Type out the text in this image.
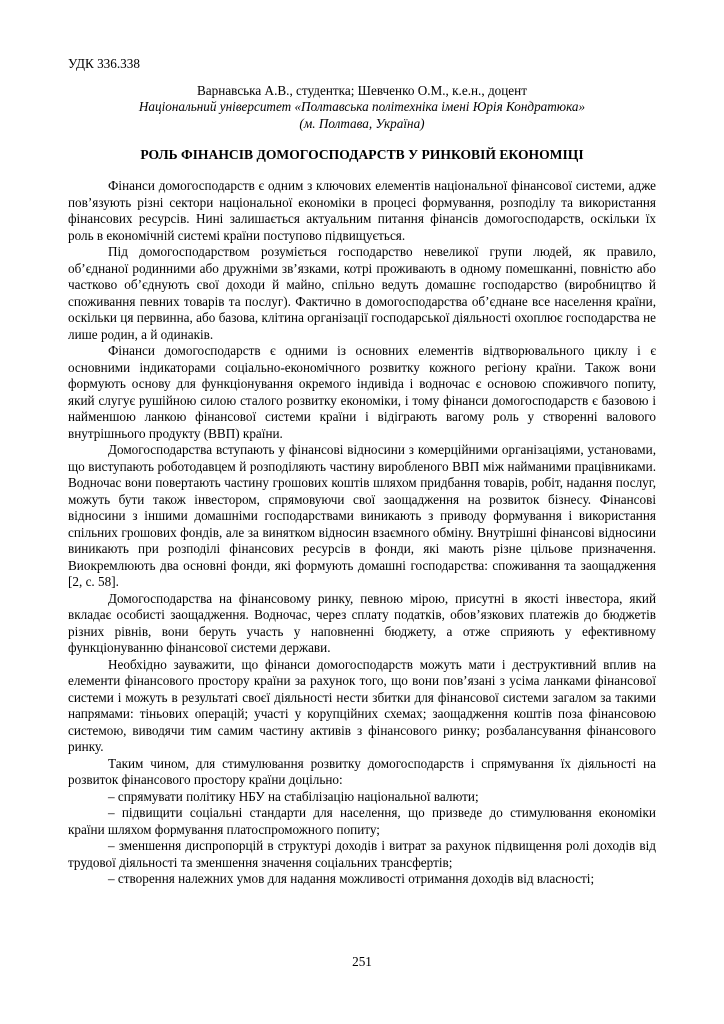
УДК 336.338

Варнавська А.В., студентка; Шевченко О.М., к.е.н., доцент

Національний університет «Полтавська політехніка імені Юрія Кондратюка»

(м. Полтава, Україна)

РОЛЬ ФІНАНСІВ ДОМОГОСПОДАРСТВ У РИНКОВІЙ ЕКОНОМІЦІ

Фінанси домогосподарств є одним з ключових елементів національної фінансової системи, адже пов’язують різні сектори національної економіки в процесі формування, розподілу та використання фінансових ресурсів. Нині залишається актуальним питання фінансів домогосподарств, оскільки їх роль в економічній системі країни поступово підвищується.

Під домогосподарством розуміється господарство невеликої групи людей, як правило, об’єднаної родинними або дружніми зв’язками, котрі проживають в одному помешканні, повністю або частково об’єднують свої доходи й майно, спільно ведуть домашнє господарство (виробництво й споживання певних товарів та послуг). Фактично в домогосподарства об’єднане все населення країни, оскільки ця первинна, або базова, клітина організації господарської діяльності охоплює господарства не лише родин, а й одинаків.

Фінанси домогосподарств є одними із основних елементів відтворювального циклу і є основними індикаторами соціально-економічного розвитку кожного регіону країни. Також вони формують основу для функціонування окремого індивіда і водночас є основою споживчого попиту, який слугує рушійною силою сталого розвитку економіки, і тому фінанси домогосподарств є базовою і найменшою ланкою фінансової системи країни і відіграють вагому роль у створенні валового внутрішнього продукту (ВВП) країни.

Домогосподарства вступають у фінансові відносини з комерційними організаціями, установами, що виступають роботодавцем й розподіляють частину виробленого ВВП між найманими працівниками. Водночас вони повертають частину грошових коштів шляхом придбання товарів, робіт, надання послуг, можуть бути також інвестором, спрямовуючи свої заощадження на розвиток бізнесу. Фінансові відносини з іншими домашніми господарствами виникають з приводу формування і використання спільних грошових фондів, але за винятком відносин взаємного обміну. Внутрішні фінансові відносини виникають при розподілі фінансових ресурсів в фонди, які мають різне цільове призначення. Виокремлюють два основні фонди, які формують домашні господарства: споживання та заощадження [2, с. 58].

Домогосподарства на фінансовому ринку, певною мірою, присутні в якості інвестора, який вкладає особисті заощадження. Водночас, через сплату податків, обов’язкових платежів до бюджетів різних рівнів, вони беруть участь у наповненні бюджету, а отже сприяють у ефективному функціонуванню фінансової системи держави.

Необхідно зауважити, що фінанси домогосподарств можуть мати і деструктивний вплив на елементи фінансового простору країни за рахунок того, що вони пов’язані з усіма ланками фінансової системи і можуть в результаті своєї діяльності нести збитки для фінансової системи загалом за такими напрямами: тіньових операцій; участі у корупційних схемах; заощадження коштів поза фінансовою системою, виводячи тим самим частину активів з фінансового ринку; розбалансування фінансового ринку.

Таким чином, для стимулювання розвитку домогосподарств і спрямування їх діяльності на розвиток фінансового простору країни доцільно:

– спрямувати політику НБУ на стабілізацію національної валюти;

– підвищити соціальні стандарти для населення, що призведе до стимулювання економіки країни шляхом формування платоспроможного попиту;

– зменшення диспропорцій в структурі доходів і витрат за рахунок підвищення ролі доходів від трудової діяльності та зменшення значення соціальних трансфертів;

– створення належних умов для надання можливості отримання доходів від власності;

251
